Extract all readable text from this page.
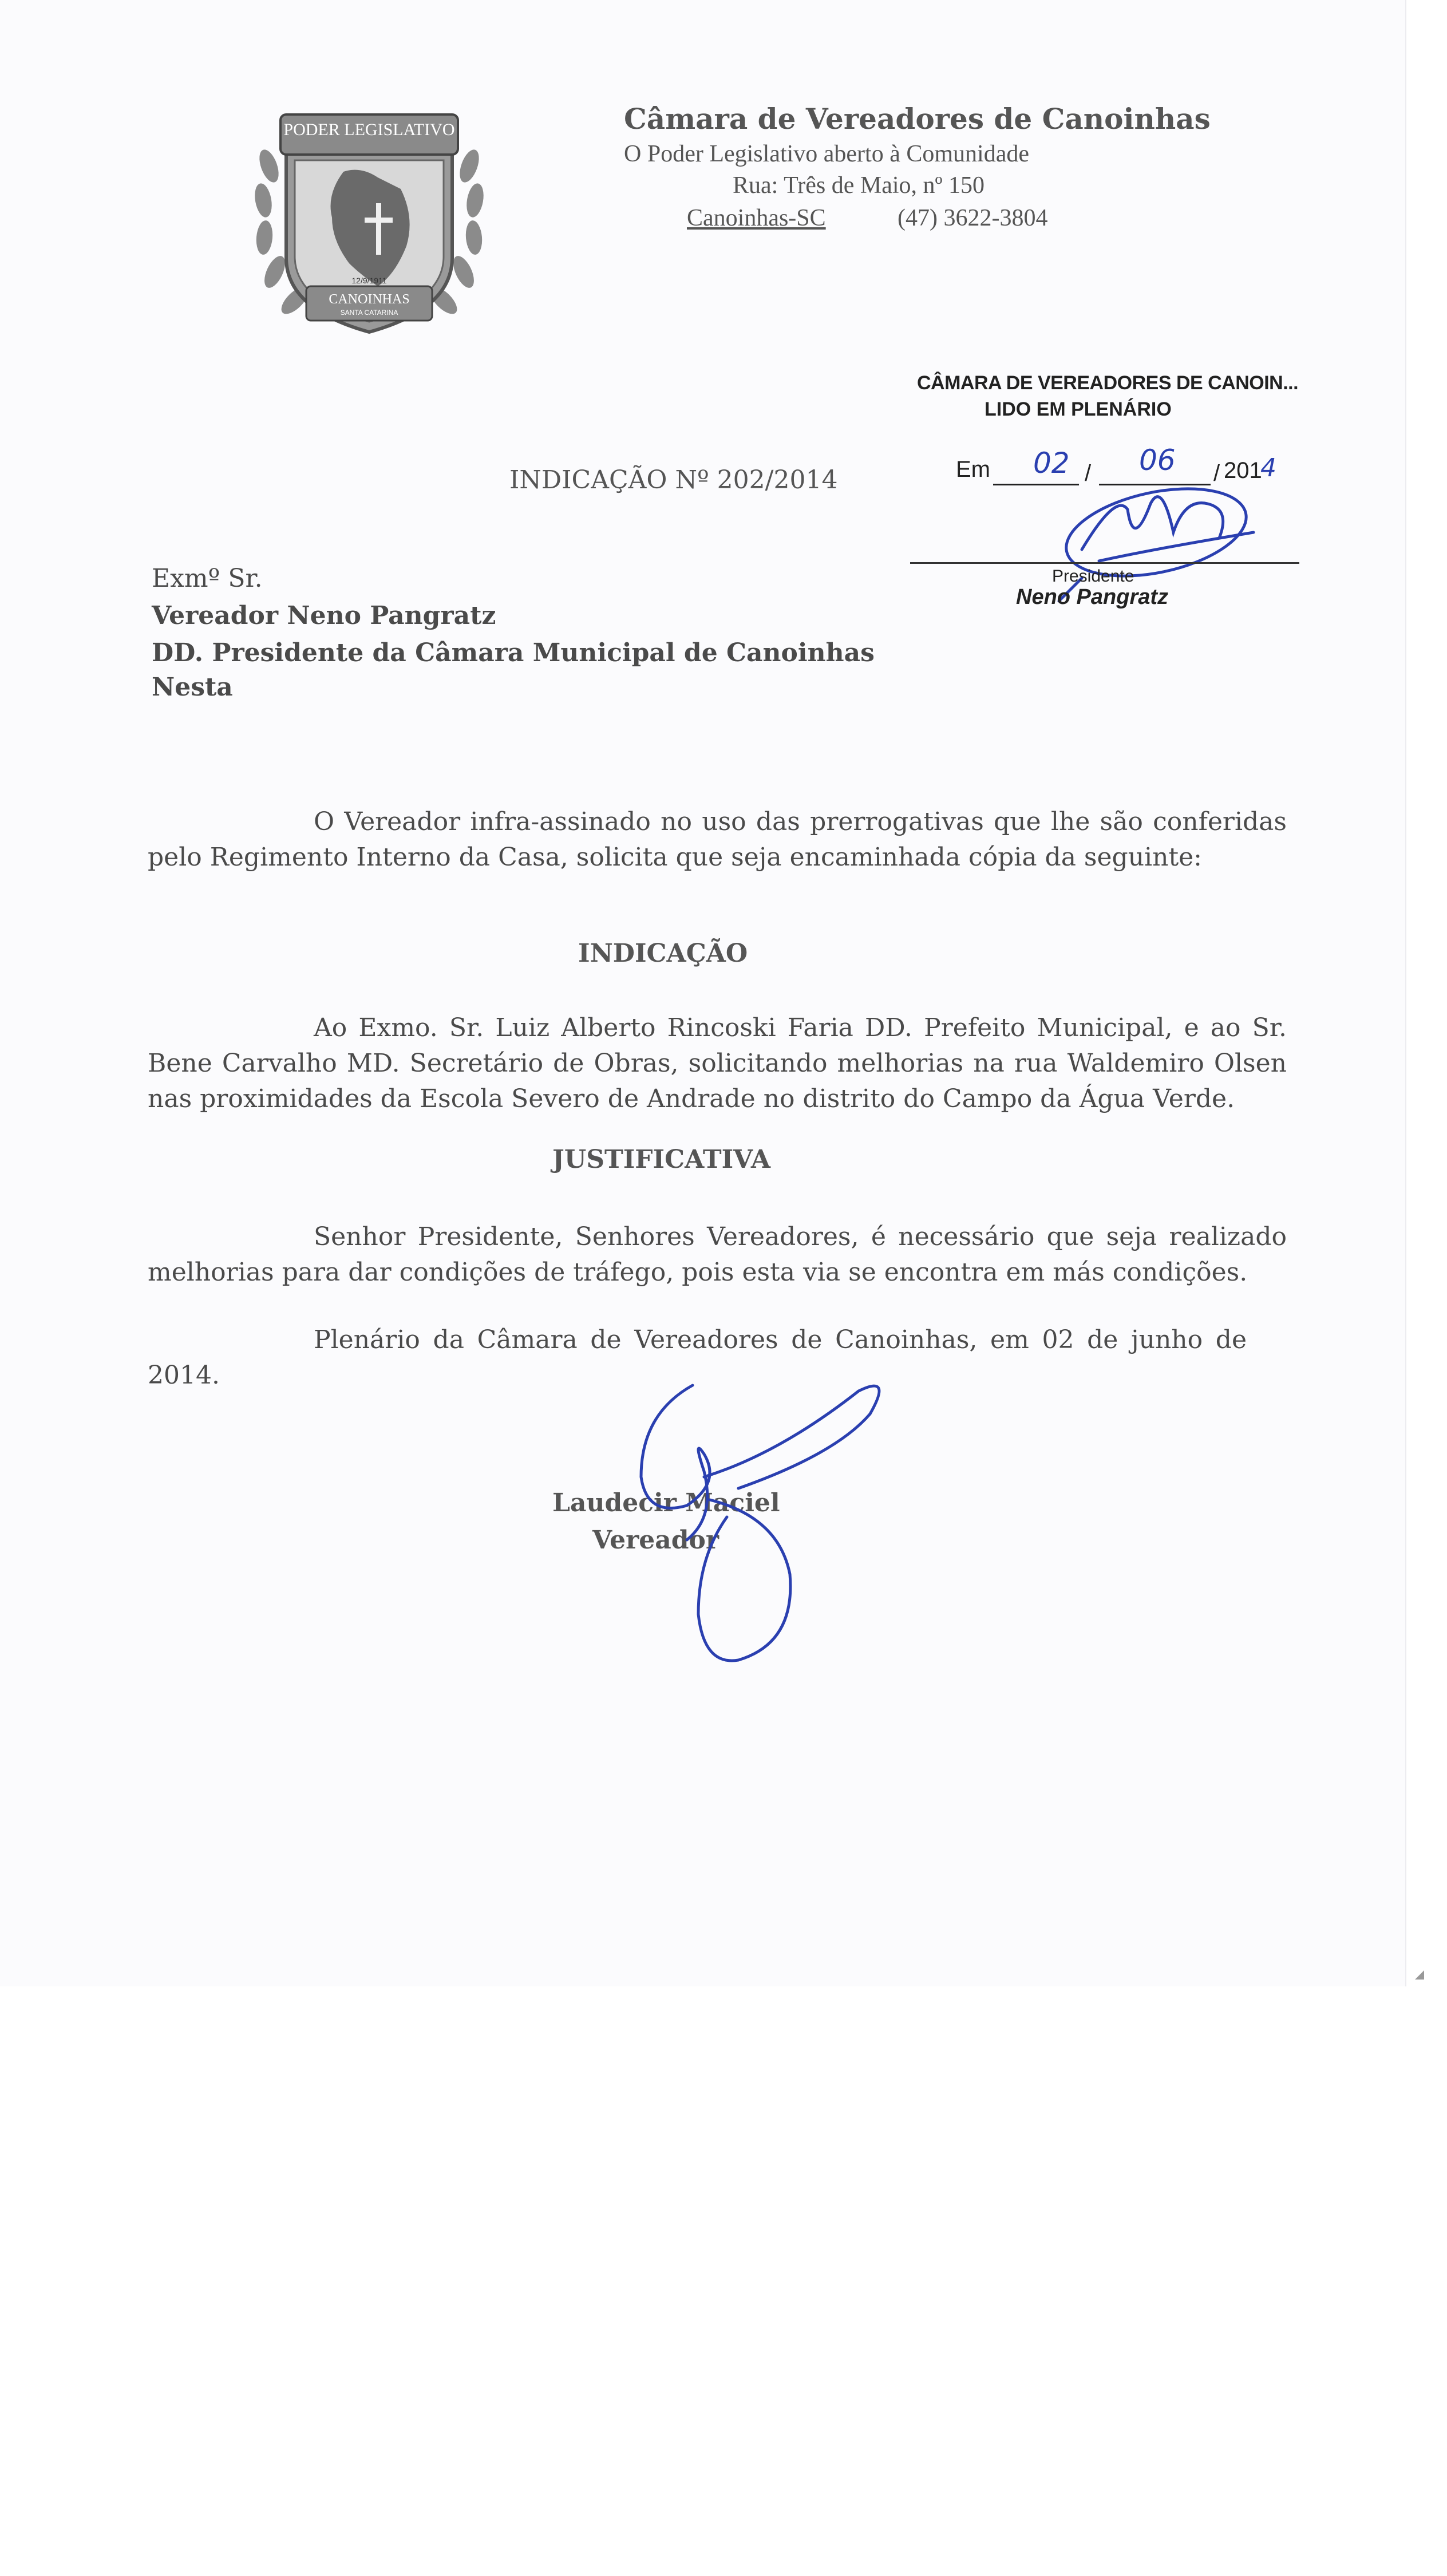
PODER LEGISLATIVO
12/9/1911
CANOINHAS
SANTA CATARINA
Câmara de Vereadores de Canoinhas
O Poder Legislativo aberto à Comunidade
Rua: Três de Maio, nº 150
Canoinhas-SC	(47) 3622-3804
CÂMARA DE VEREADORES DE CANOIN...
LIDO EM PLENÁRIO
Em	/	/
02 06 201
4
Presidente
Neno Pangratz
INDICAÇÃO Nº 202/2014
Exmº Sr.
Vereador Neno Pangratz
DD. Presidente da Câmara Municipal de Canoinhas
Nesta
O Vereador infra-assinado no uso das prerrogativas que lhe são conferidas pelo Regimento Interno da Casa, solicita que seja encaminhada cópia da seguinte:
INDICAÇÃO
Ao Exmo. Sr. Luiz Alberto Rincoski Faria DD. Prefeito Municipal, e ao Sr. Bene Carvalho MD. Secretário de Obras, solicitando melhorias na rua Waldemiro Olsen nas proximidades da Escola Severo de Andrade no distrito do Campo da Água Verde.
JUSTIFICATIVA
Senhor Presidente, Senhores Vereadores, é necessário que seja realizado melhorias para dar condições de tráfego, pois esta via se encontra em más condições.
Plenário da Câmara de Vereadores de Canoinhas, em 02 de junho de 2014.
Laudecir Maciel
Vereador
